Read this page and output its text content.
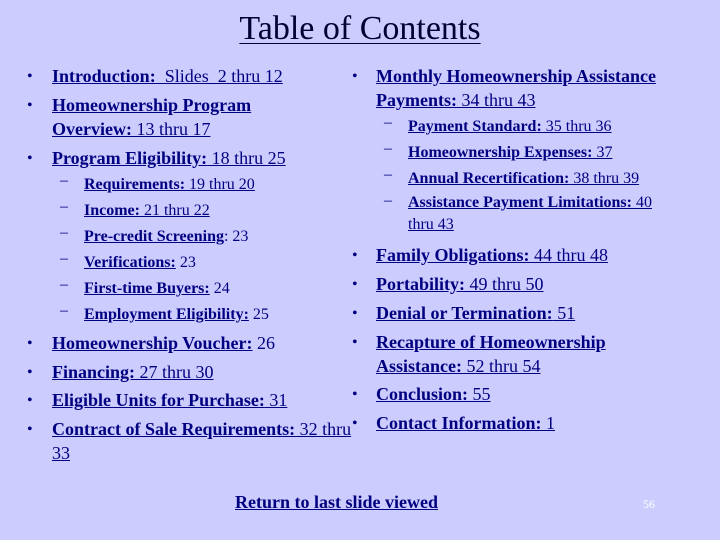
Table of Contents
• Introduction:  Slides  2 thru 12
• Homeownership Program Overview: 13 thru 17
• Program Eligibility: 18 thru 25
– Requirements: 19 thru 20
– Income: 21 thru 22
– Pre-credit Screening: 23
– Verifications: 23
– First-time Buyers: 24
– Employment Eligibility: 25
• Homeownership Voucher: 26
• Financing: 27 thru 30
• Eligible Units for Purchase: 31
• Contract of Sale Requirements: 32 thru 33
• Monthly Homeownership Assistance Payments: 34 thru 43
– Payment Standard: 35 thru 36
– Homeownership Expenses: 37
– Annual Recertification: 38 thru 39
– Assistance Payment Limitations: 40 thru 43
• Family Obligations: 44 thru 48
• Portability: 49 thru 50
• Denial or Termination: 51
• Recapture of Homeownership Assistance: 52 thru 54
• Conclusion: 55
• Contact Information: 1
Return to last slide viewed	56
